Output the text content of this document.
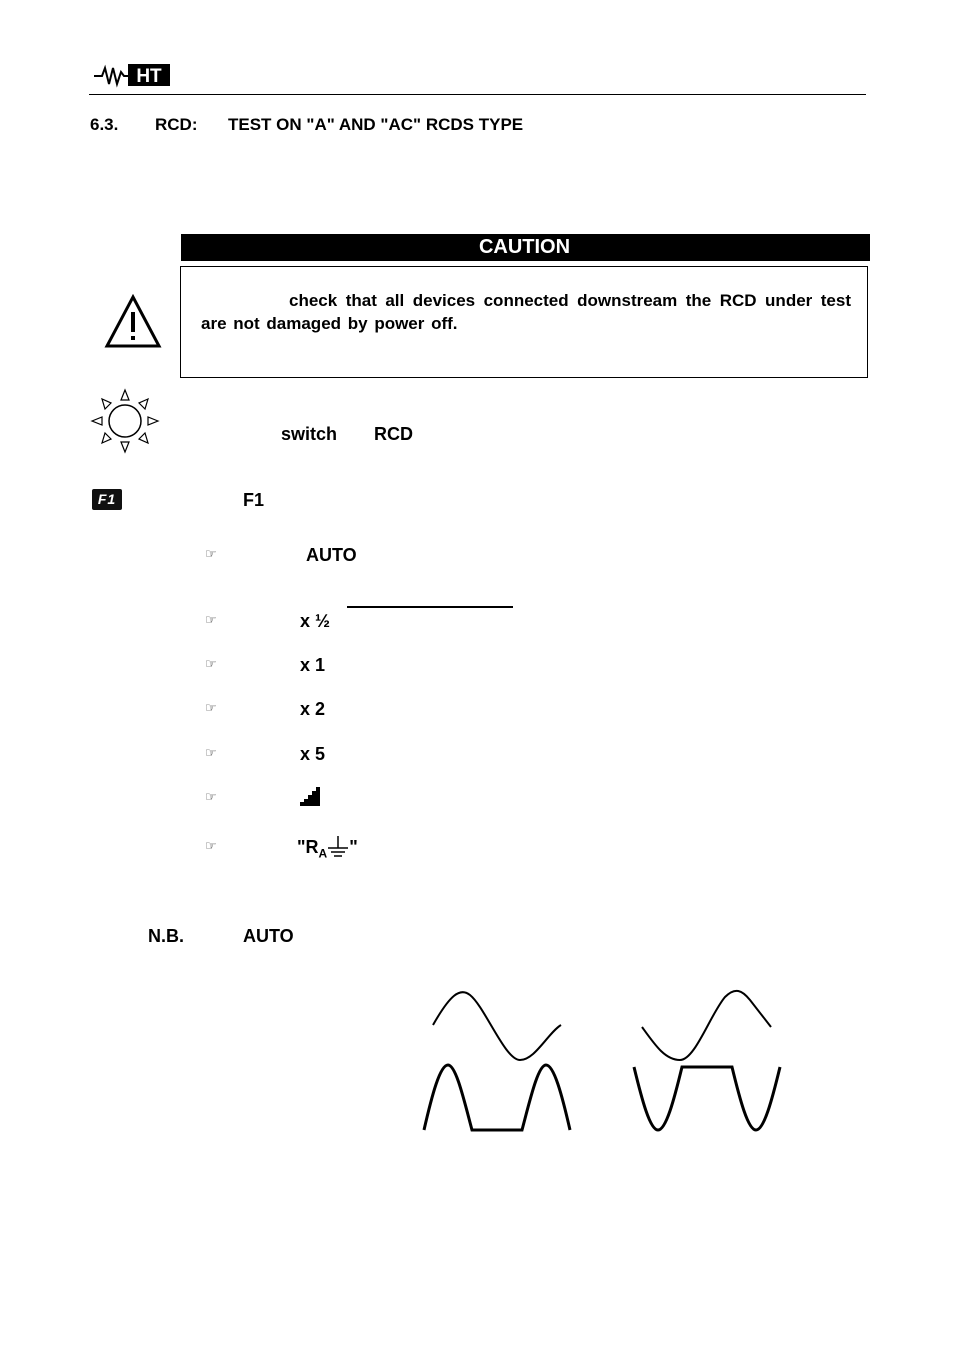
HT
6.3. RCD: TEST ON "A" AND "AC" RCDS TYPE
CAUTION
check that all devices connected downstream the RCD under test are not damaged by power off.
switch RCD
F1	F1
☞	AUTO
☞	x ½
☞	x 1
☞	x 2
☞	x 5
☞
☞	"$R_A$ "
N.B.	AUTO
